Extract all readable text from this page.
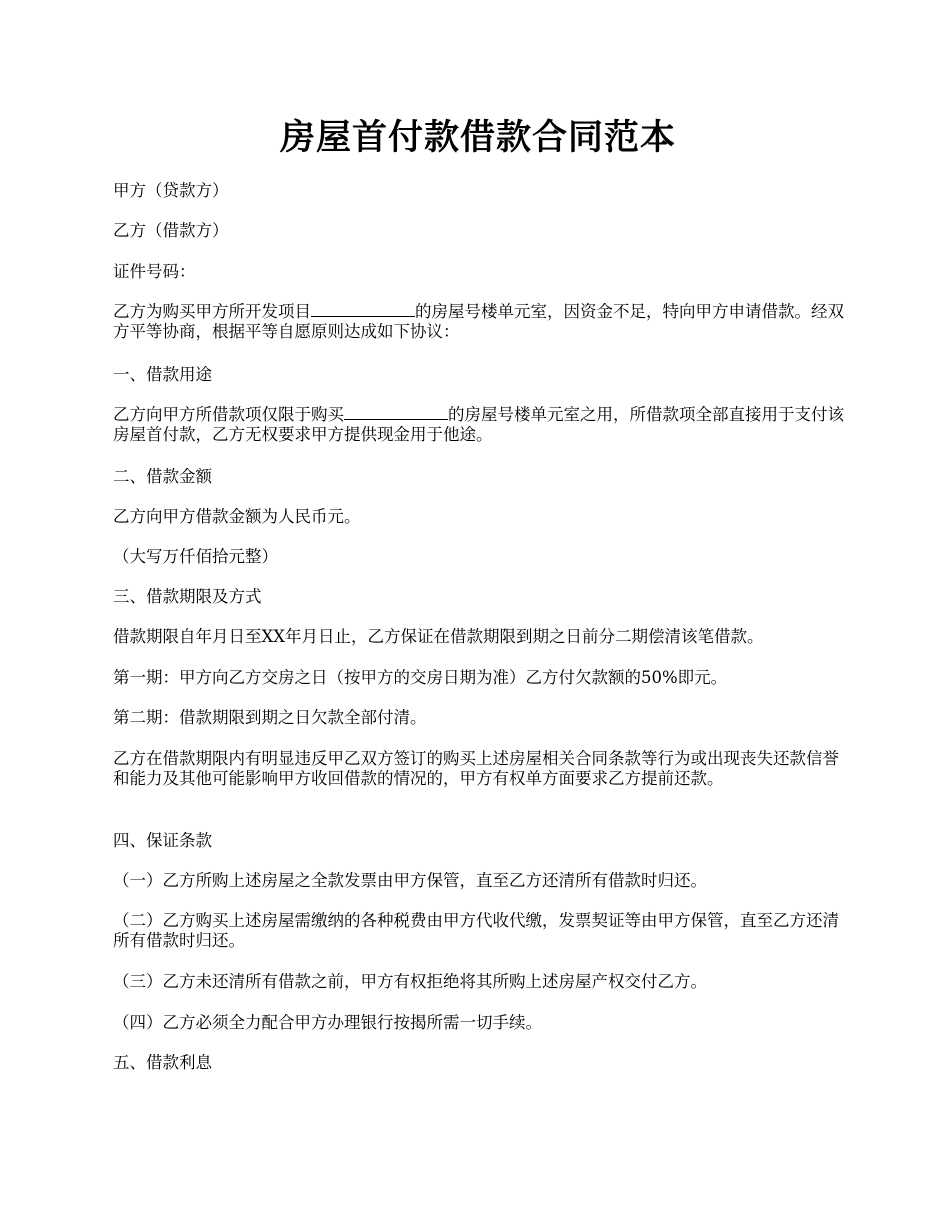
房屋首付款借款合同范本

甲方（贷款方）

乙方（借款方）

证件号码：

乙方为购买甲方所开发项目	的房屋号楼单元室，因资金不足，特向甲方申请借款。经双方平等协商，根据平等自愿原则达成如下协议：

一、借款用途

乙方向甲方所借款项仅限于购买	的房屋号楼单元室之用，所借款项全部直接用于支付该房屋首付款，乙方无权要求甲方提供现金用于他途。

二、借款金额

乙方向甲方借款金额为人民币元。

（大写万仟佰拾元整）

三、借款期限及方式

借款期限自年月日至XX年月日止，乙方保证在借款期限到期之日前分二期偿清该笔借款。

第一期：甲方向乙方交房之日（按甲方的交房日期为准）乙方付欠款额的50%即元。

第二期：借款期限到期之日欠款全部付清。

乙方在借款期限内有明显违反甲乙双方签订的购买上述房屋相关合同条款等行为或出现丧失还款信誉和能力及其他可能影响甲方收回借款的情况的，甲方有权单方面要求乙方提前还款。

四、保证条款

（一）乙方所购上述房屋之全款发票由甲方保管，直至乙方还清所有借款时归还。

（二）乙方购买上述房屋需缴纳的各种税费由甲方代收代缴，发票契证等由甲方保管，直至乙方还清所有借款时归还。

（三）乙方未还清所有借款之前，甲方有权拒绝将其所购上述房屋产权交付乙方。

（四）乙方必须全力配合甲方办理银行按揭所需一切手续。

五、借款利息
